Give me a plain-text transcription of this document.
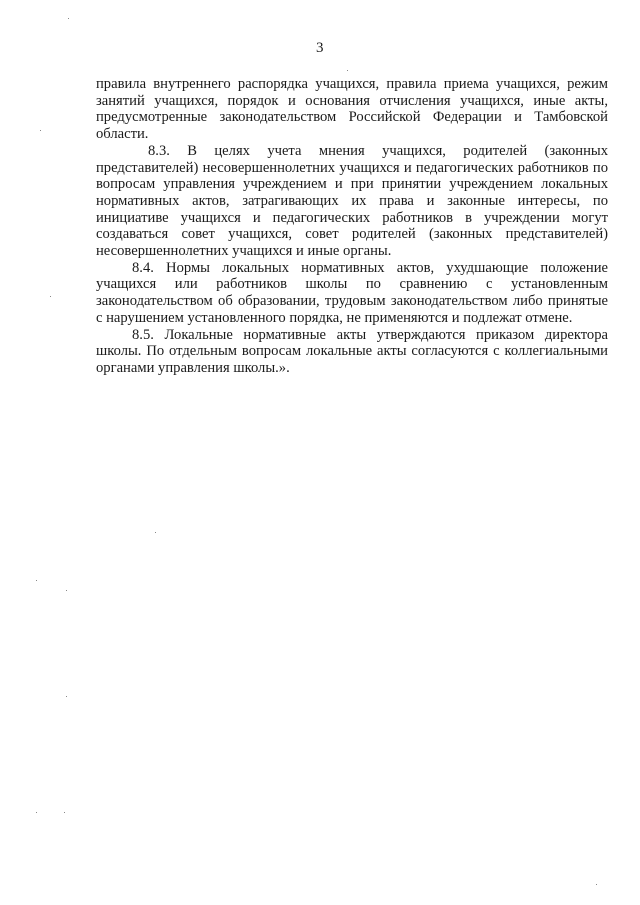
3

правила внутреннего распорядка учащихся, правила приема учащихся, режим занятий учащихся, порядок и основания отчисления учащихся, иные акты, предусмотренные законодательством Российской Федерации и Тамбовской области.

8.3. В целях учета мнения учащихся, родителей (законных представителей) несовершеннолетних учащихся и педагогических работников по вопросам управления учреждением и при принятии учреждением локальных нормативных актов, затрагивающих их права и законные интересы, по инициативе учащихся и педагогических работников в учреждении могут создаваться совет учащихся, совет родителей (законных представителей) несовершеннолетних учащихся и иные органы.

8.4. Нормы локальных нормативных актов, ухудшающие положение учащихся или работников школы по сравнению с установленным законодательством об образовании, трудовым законодательством либо принятые с нарушением установленного порядка, не применяются и подлежат отмене.

8.5. Локальные нормативные акты утверждаются приказом директора школы. По отдельным вопросам локальные акты согласуются с коллегиальными органами управления школы.».
